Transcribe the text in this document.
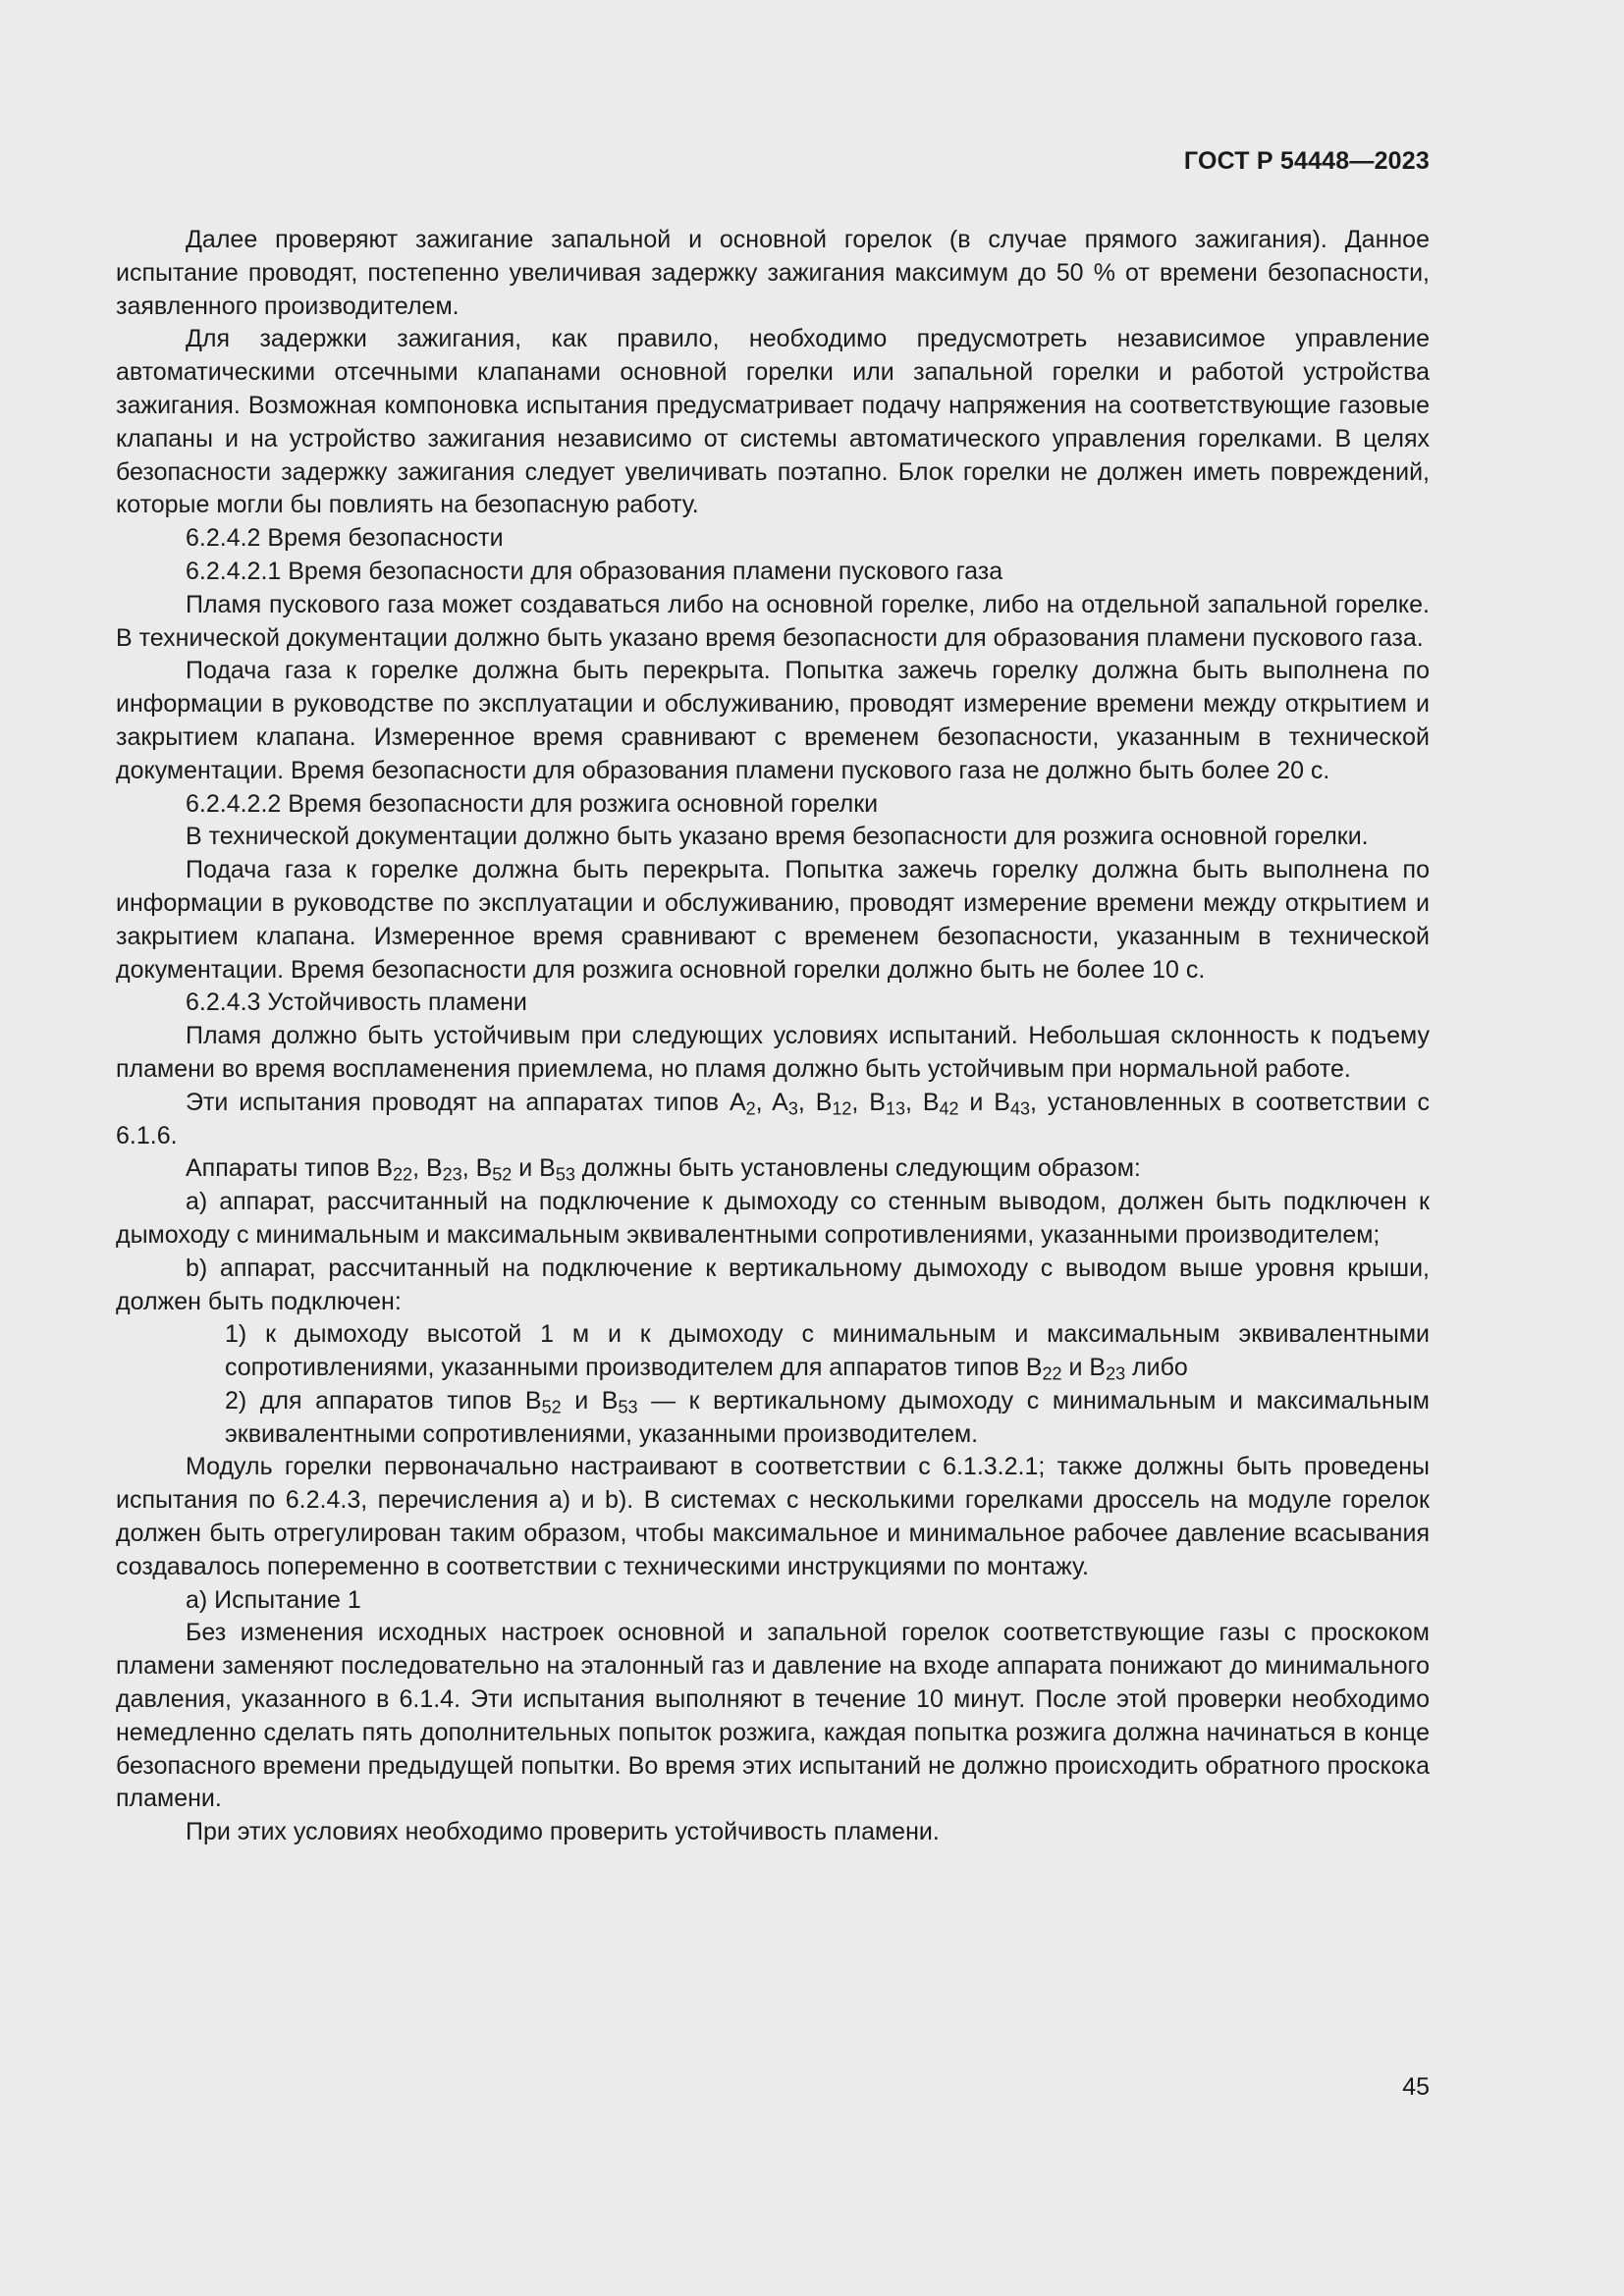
ГОСТ Р 54448—2023

Далее проверяют зажигание запальной и основной горелок (в случае прямого зажигания). Данное испытание проводят, постепенно увеличивая задержку зажигания максимум до 50 % от времени безопасности, заявленного производителем.

Для задержки зажигания, как правило, необходимо предусмотреть независимое управление автоматическими отсечными клапанами основной горелки или запальной горелки и работой устройства зажигания. Возможная компоновка испытания предусматривает подачу напряжения на соответствующие газовые клапаны и на устройство зажигания независимо от системы автоматического управления горелками. В целях безопасности задержку зажигания следует увеличивать поэтапно. Блок горелки не должен иметь повреждений, которые могли бы повлиять на безопасную работу.

6.2.4.2 Время безопасности

6.2.4.2.1 Время безопасности для образования пламени пускового газа

Пламя пускового газа может создаваться либо на основной горелке, либо на отдельной запальной горелке. В технической документации должно быть указано время безопасности для образования пламени пускового газа.

Подача газа к горелке должна быть перекрыта. Попытка зажечь горелку должна быть выполнена по информации в руководстве по эксплуатации и обслуживанию, проводят измерение времени между открытием и закрытием клапана. Измеренное время сравнивают с временем безопасности, указанным в технической документации. Время безопасности для образования пламени пускового газа не должно быть более 20 с.

6.2.4.2.2 Время безопасности для розжига основной горелки

В технической документации должно быть указано время безопасности для розжига основной горелки.

Подача газа к горелке должна быть перекрыта. Попытка зажечь горелку должна быть выполнена по информации в руководстве по эксплуатации и обслуживанию, проводят измерение времени между открытием и закрытием клапана. Измеренное время сравнивают с временем безопасности, указанным в технической документации. Время безопасности для розжига основной горелки должно быть не более 10 с.

6.2.4.3 Устойчивость пламени

Пламя должно быть устойчивым при следующих условиях испытаний. Небольшая склонность к подъему пламени во время воспламенения приемлема, но пламя должно быть устойчивым при нормальной работе.

Эти испытания проводят на аппаратах типов $A_2$, $A_3$, $B_{12}$, $B_{13}$, $B_{42}$ и $B_{43}$, установленных в соответствии с 6.1.6.

Аппараты типов $B_{22}$, $B_{23}$, $B_{52}$ и $B_{53}$ должны быть установлены следующим образом:

a) аппарат, рассчитанный на подключение к дымоходу со стенным выводом, должен быть подключен к дымоходу с минимальным и максимальным эквивалентными сопротивлениями, указанными производителем;

b) аппарат, рассчитанный на подключение к вертикальному дымоходу с выводом выше уровня крыши, должен быть подключен:

1) к дымоходу высотой 1 м и к дымоходу с минимальным и максимальным эквивалентными сопротивлениями, указанными производителем для аппаратов типов $B_{22}$ и $B_{23}$ либо

2) для аппаратов типов $B_{52}$ и $B_{53}$ — к вертикальному дымоходу с минимальным и максимальным эквивалентными сопротивлениями, указанными производителем.

Модуль горелки первоначально настраивают в соответствии с 6.1.3.2.1; также должны быть проведены испытания по 6.2.4.3, перечисления a) и b). В системах с несколькими горелками дроссель на модуле горелок должен быть отрегулирован таким образом, чтобы максимальное и минимальное рабочее давление всасывания создавалось попеременно в соответствии с техническими инструкциями по монтажу.

a) Испытание 1

Без изменения исходных настроек основной и запальной горелок соответствующие газы с проскоком пламени заменяют последовательно на эталонный газ и давление на входе аппарата понижают до минимального давления, указанного в 6.1.4. Эти испытания выполняют в течение 10 минут. После этой проверки необходимо немедленно сделать пять дополнительных попыток розжига, каждая попытка розжига должна начинаться в конце безопасного времени предыдущей попытки. Во время этих испытаний не должно происходить обратного проскока пламени.

При этих условиях необходимо проверить устойчивость пламени.

45
